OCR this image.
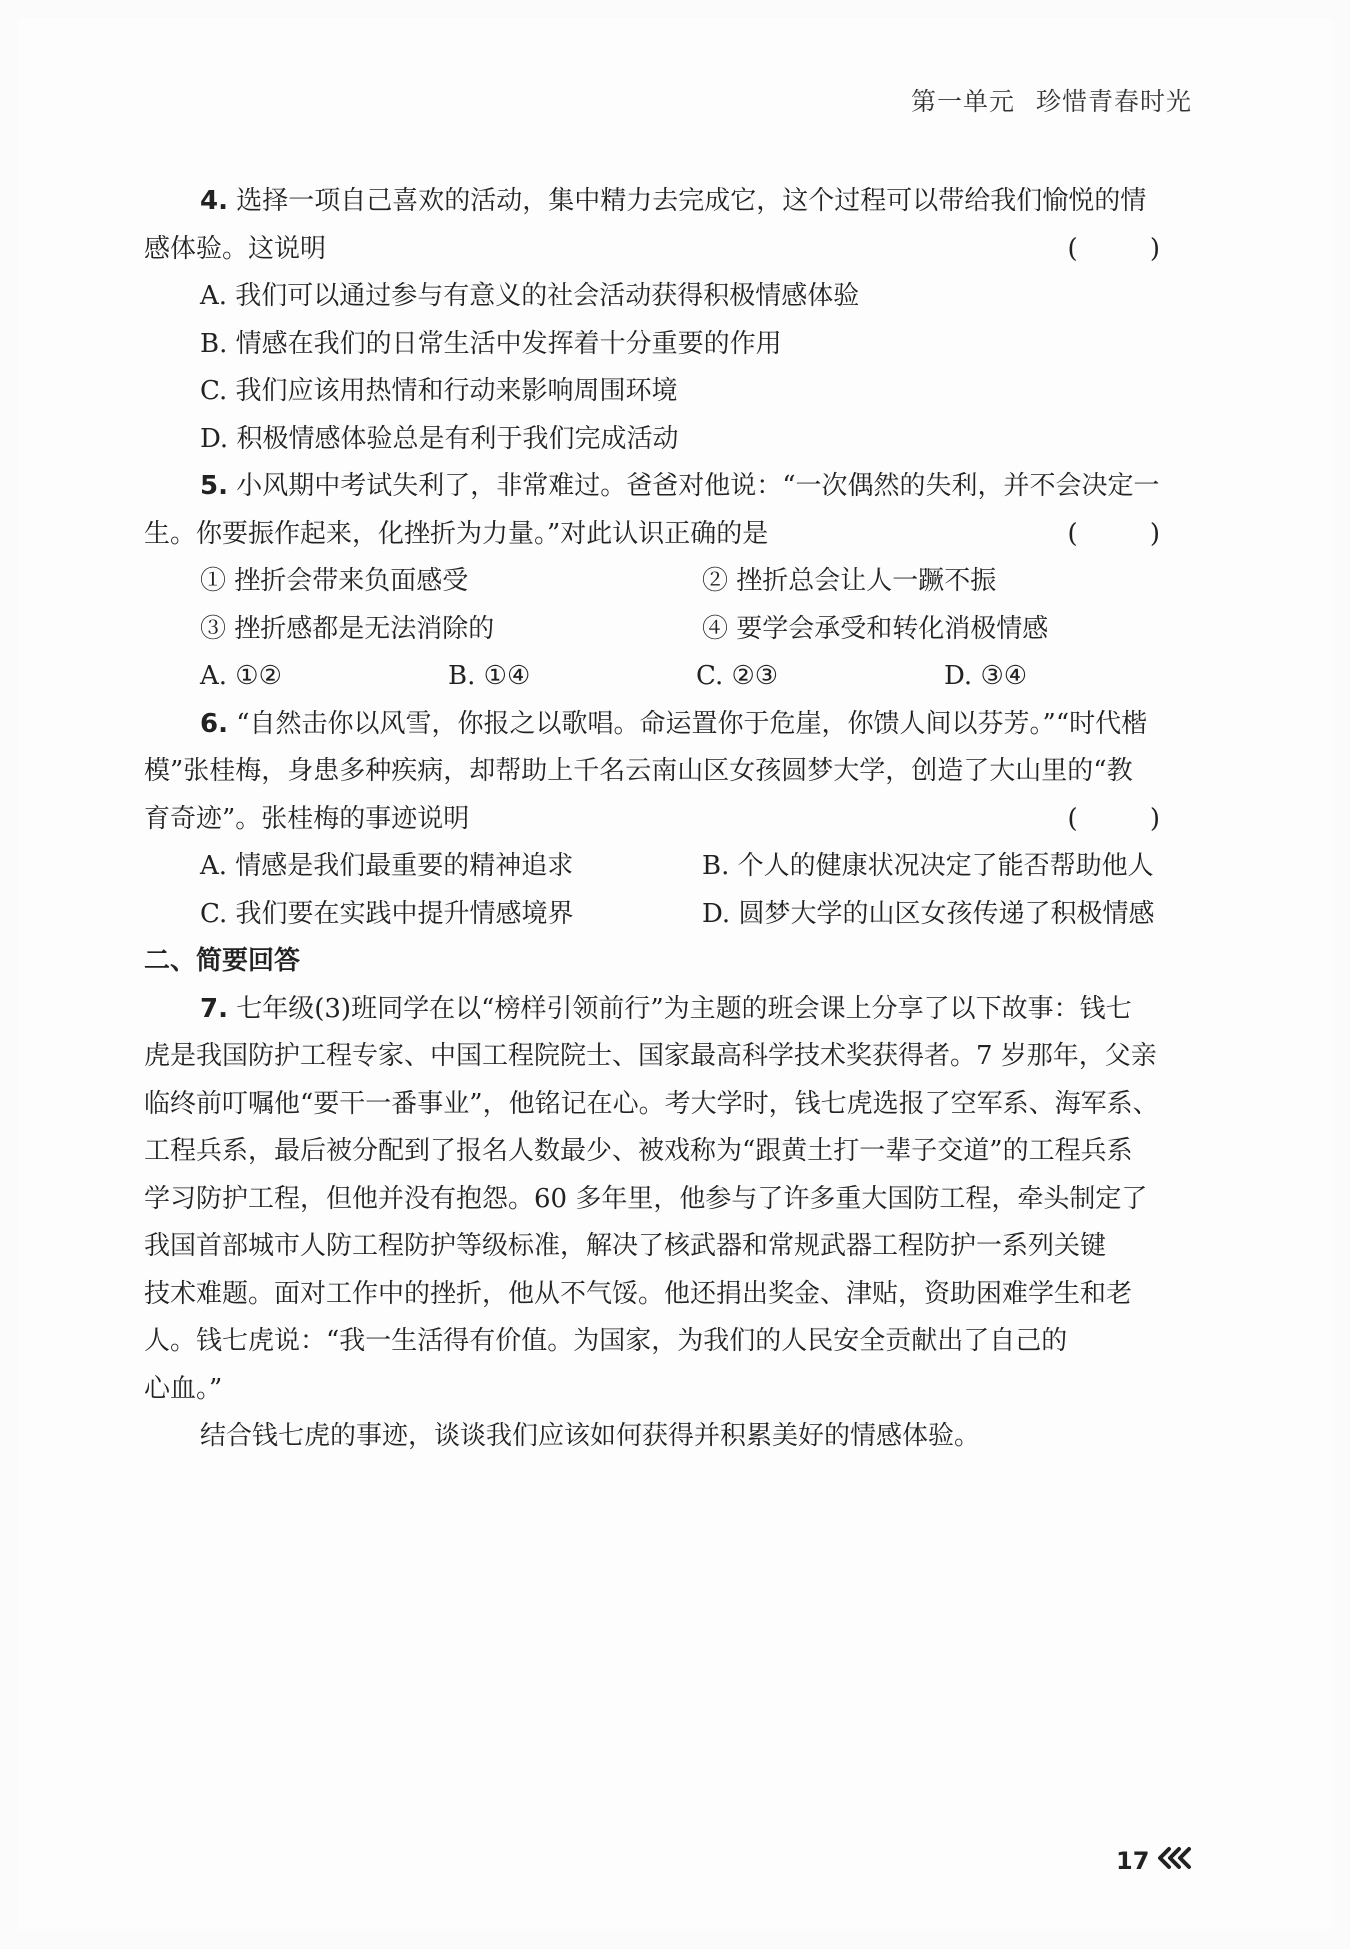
第一单元 珍惜青春时光
4. 选择一项自己喜欢的活动，集中精力去完成它，这个过程可以带给我们愉悦的情
感体验。这说明	( )
A. 我们可以通过参与有意义的社会活动获得积极情感体验
B. 情感在我们的日常生活中发挥着十分重要的作用
C. 我们应该用热情和行动来影响周围环境
D. 积极情感体验总是有利于我们完成活动
5. 小风期中考试失利了，非常难过。爸爸对他说：“一次偶然的失利，并不会决定一
生。你要振作起来，化挫折为力量。”对此认识正确的是	( )
① 挫折会带来负面感受	② 挫折总会让人一蹶不振
③ 挫折感都是无法消除的	④ 要学会承受和转化消极情感
A. ①②	B. ①④	C. ②③	D. ③④
6. “自然击你以风雪，你报之以歌唱。命运置你于危崖，你馈人间以芬芳。”“时代楷
模”张桂梅，身患多种疾病，却帮助上千名云南山区女孩圆梦大学，创造了大山里的“教
育奇迹”。张桂梅的事迹说明	( )
A. 情感是我们最重要的精神追求	B. 个人的健康状况决定了能否帮助他人
C. 我们要在实践中提升情感境界	D. 圆梦大学的山区女孩传递了积极情感
二、简要回答
7. 七年级(3)班同学在以“榜样引领前行”为主题的班会课上分享了以下故事：钱七
虎是我国防护工程专家、中国工程院院士、国家最高科学技术奖获得者。7 岁那年，父亲
临终前叮嘱他“要干一番事业”，他铭记在心。考大学时，钱七虎选报了空军系、海军系、
工程兵系，最后被分配到了报名人数最少、被戏称为“跟黄土打一辈子交道”的工程兵系
学习防护工程，但他并没有抱怨。60 多年里，他参与了许多重大国防工程，牵头制定了
我国首部城市人防工程防护等级标准，解决了核武器和常规武器工程防护一系列关键
技术难题。面对工作中的挫折，他从不气馁。他还捐出奖金、津贴，资助困难学生和老
人。钱七虎说：“我一生活得有价值。为国家，为我们的人民安全贡献出了自己的
心血。”
结合钱七虎的事迹，谈谈我们应该如何获得并积累美好的情感体验。
17
